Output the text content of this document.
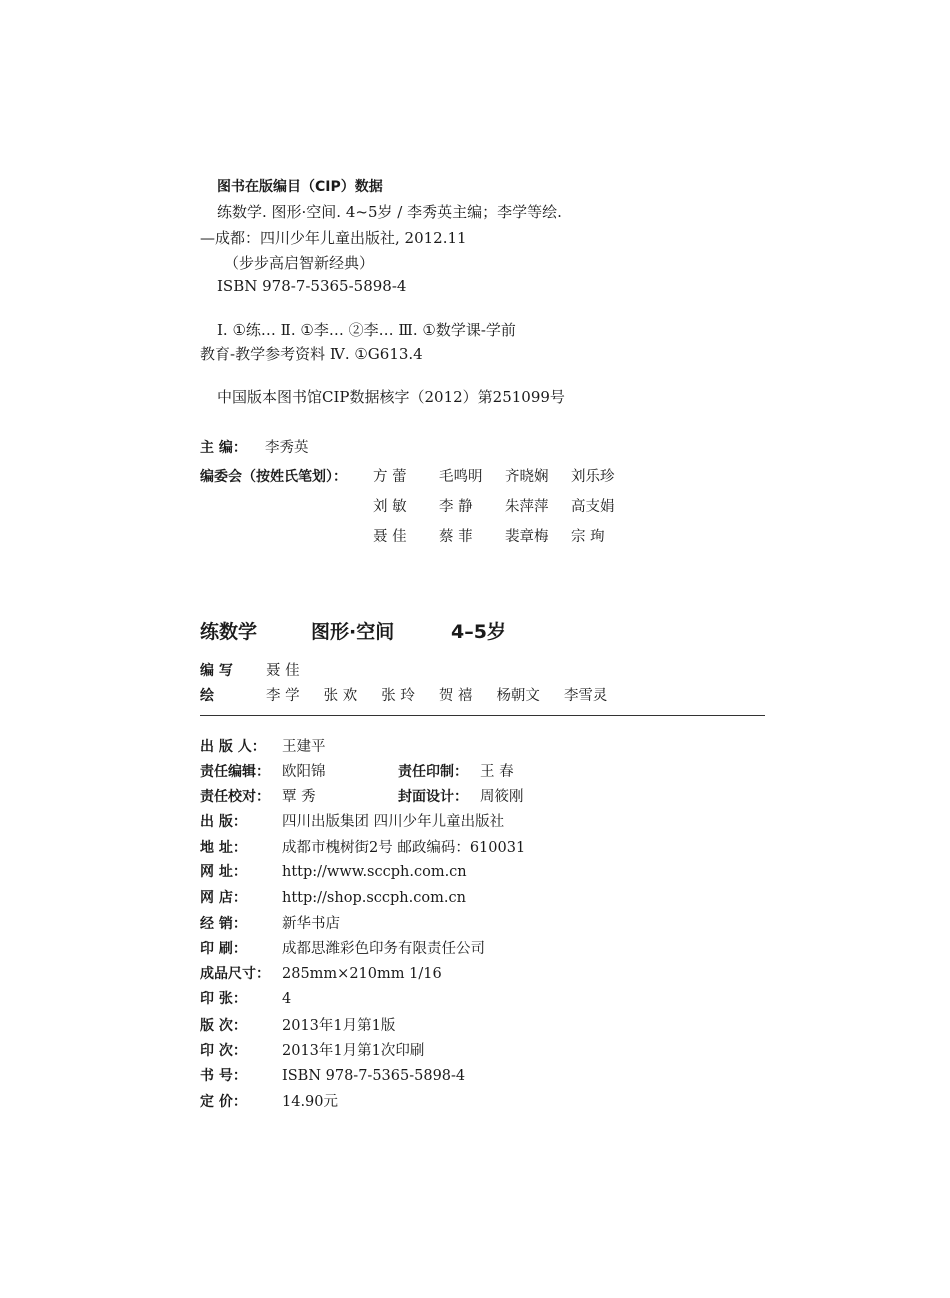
图书在版编目（CIP）数据
练数学. 图形·空间. 4~5岁 / 李秀英主编；李学等绘.
—成都：四川少年儿童出版社, 2012.11
（步步高启智新经典）
ISBN 978-7-5365-5898-4
Ⅰ. ①练… Ⅱ. ①李… ②李… Ⅲ. ①数学课-学前
教育-教学参考资料 Ⅳ. ①G613.4
中国版本图书馆CIP数据核字（2012）第251099号
主 编： 李秀英
编委会（按姓氏笔划）： 方 蕾 毛鸣明 齐晓娴 刘乐珍
刘 敏 李 静 朱萍萍 高支娟
聂 佳 蔡 菲 裴章梅 宗 珣
练数学	图形·空间	4–5岁
编 写 聂 佳
绘	李 学 张 欢 张 玲 贺 禧 杨朝文 李雪灵
出 版 人： 王建平
责任编辑： 欧阳锦	责任印制： 王 春
责任校对： 覃 秀	封面设计： 周筱刚
出 版： 四川出版集团 四川少年儿童出版社
地 址： 成都市槐树街2号 邮政编码：610031
网 址： http://www.sccph.com.cn
网 店： http://shop.sccph.com.cn
经 销： 新华书店
印 刷： 成都思潍彩色印务有限责任公司
成品尺寸： 285mm×210mm 1/16
印 张： 4
版 次： 2013年1月第1版
印 次： 2013年1月第1次印刷
书 号： ISBN 978-7-5365-5898-4
定 价： 14.90元
